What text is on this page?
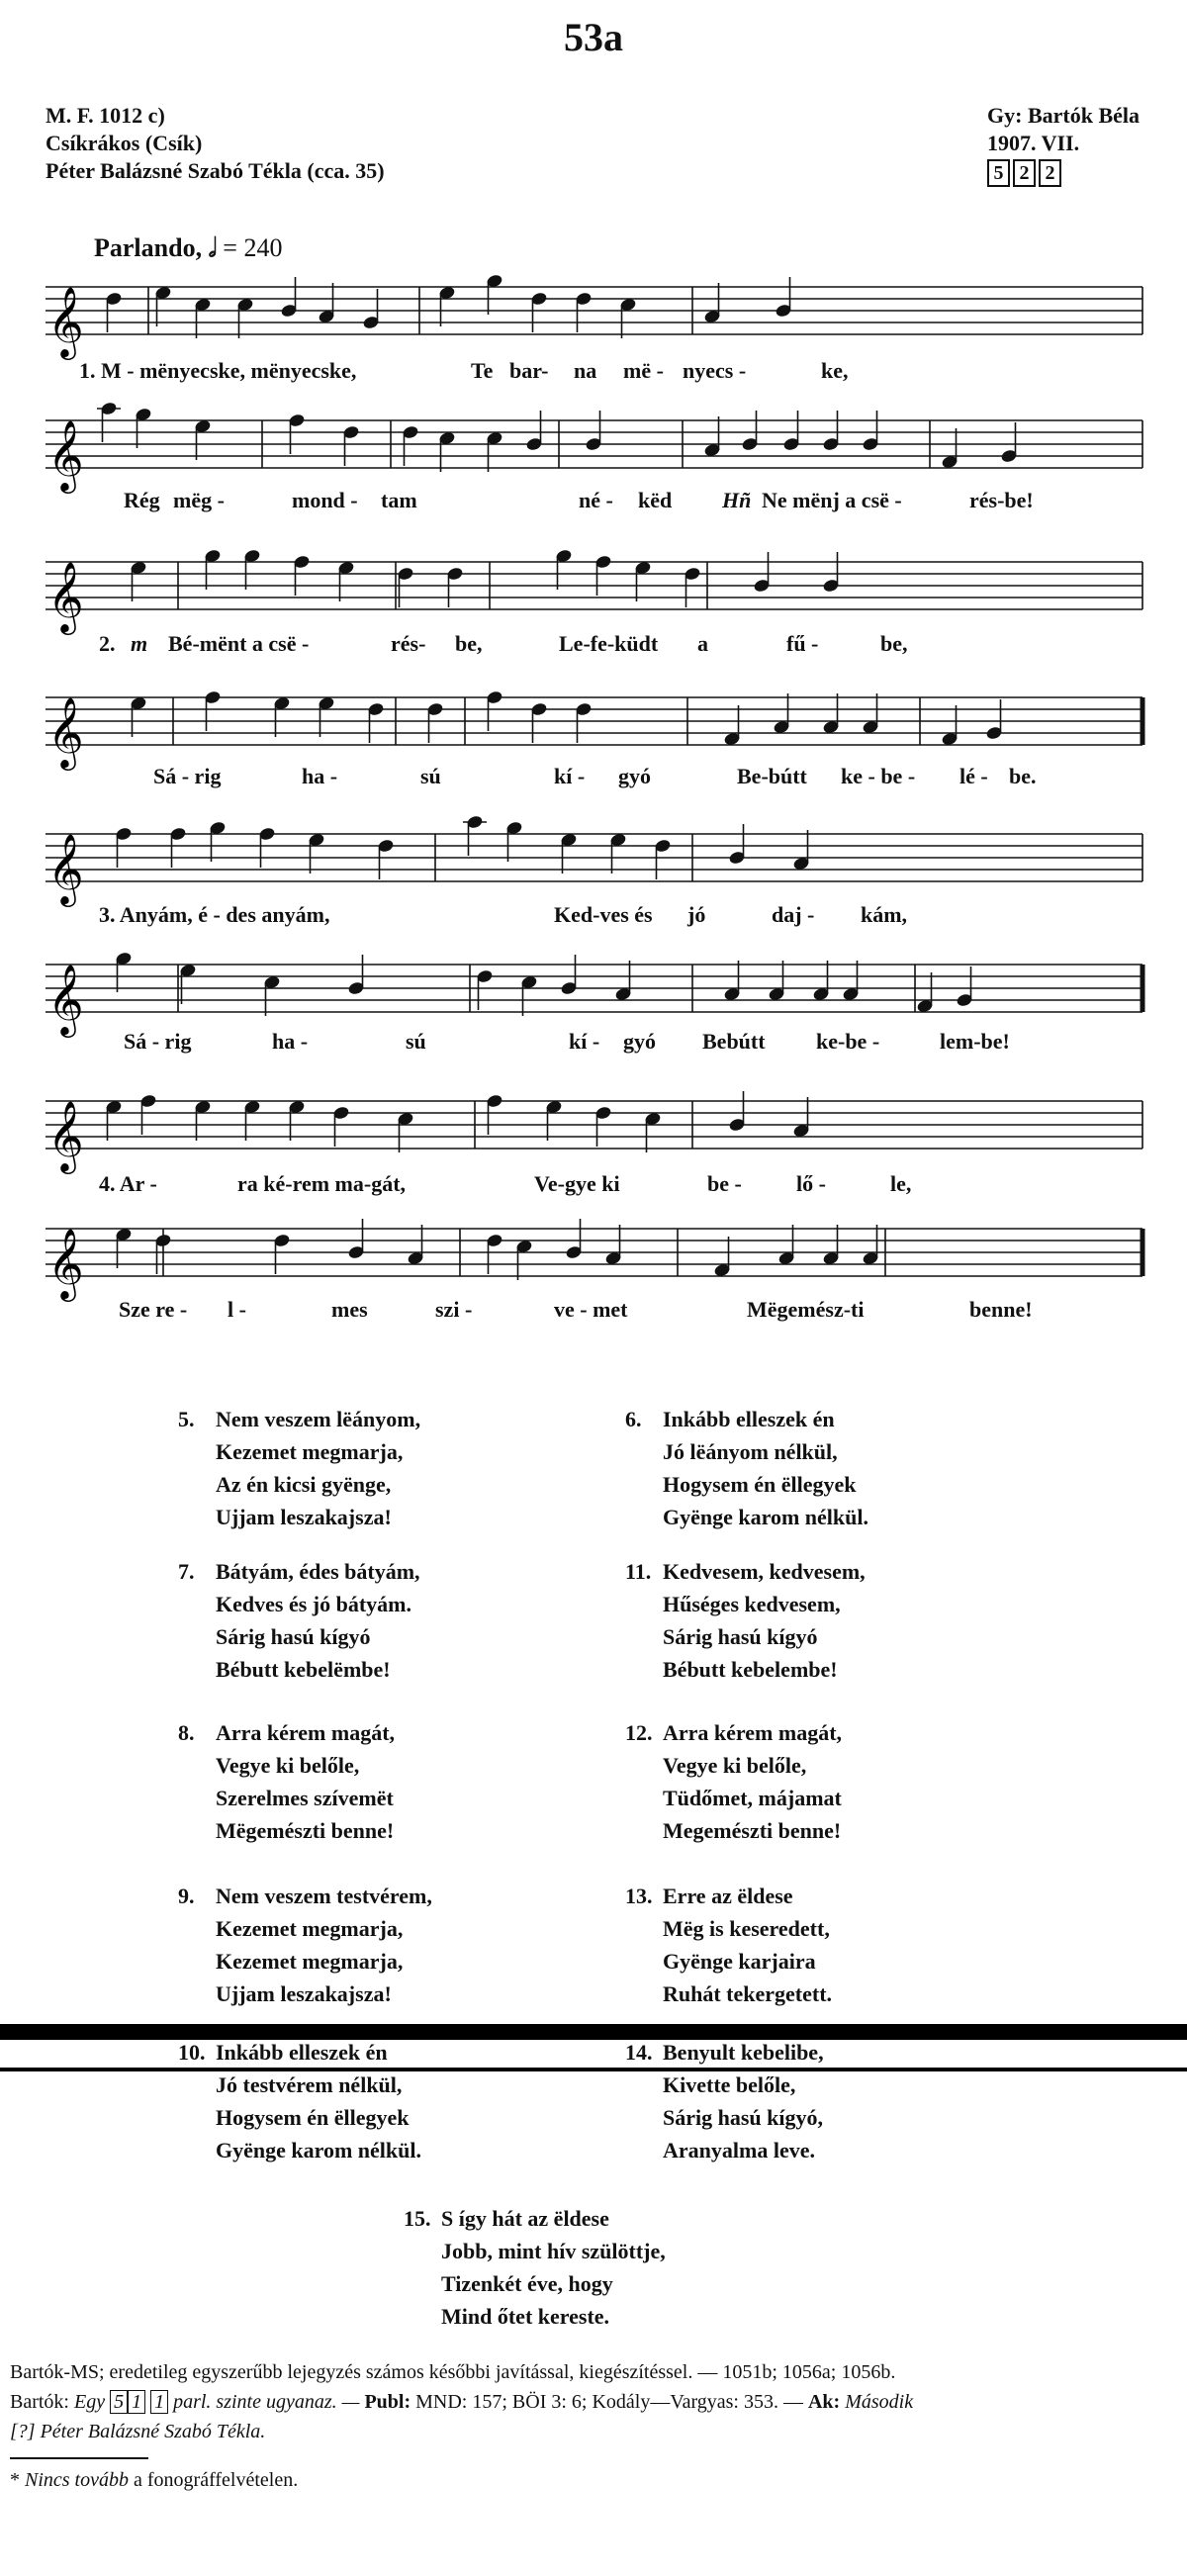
53a
M. F. 1012 c)
Csíkrákos (Csík)
Péter Balázsné Szabó Tékla (cca. 35)
Gy: Bartók Béla
1907. VII.
5 2 2
Parlando, 𝅗𝅥 = 240
𝄞
𝄞
𝄞
𝄞
𝄞
𝄞
𝄞
𝄞
1. M - mënyecske, mënyecske,	Te bar- na më - nyecs -	ke,
Rég mëg -	mond - tam	né - këd Hñ Ne mënj a csë -	rés-be!
2. m Bé-mënt a csë -	rés- be,	Le-fe-küdt a	fű -	be,
Sá - rig	ha -	sú	kí - gyó	Be-bútt ke - be - lé - be.
3. Anyám, é - des anyám,	Ked-ves és jó	daj - kám,
Sá - rig	ha -	sú	kí - gyó Bebútt ke-be -	lem-be!
4. Ar -	ra ké-rem ma-gát,	Ve-gye ki	be -	lő -	le,
Sze re - l -	mes	szi -	ve - met	Mëgemész-ti	benne!
5. Nem veszem lëányom,
Kezemet megmarja,
Az én kicsi gyënge,
Ujjam leszakajsza!
7. Bátyám, édes bátyám,
Kedves és jó bátyám.
Sárig hasú kígyó
Bébutt kebelëmbe!
8. Arra kérem magát,
Vegye ki belőle,
Szerelmes szívemët
Mëgemészti benne!
9. Nem veszem testvérem,
Kezemet megmarja,
Kezemet megmarja,
Ujjam leszakajsza!
10. Inkább elleszek én
Jó testvérem nélkül,
Hogysem én ëllegyek
Gyënge karom nélkül.
6. Inkább elleszek én
Jó lëányom nélkül,
Hogysem én ëllegyek
Gyënge karom nélkül.
11. Kedvesem, kedvesem,
Hűséges kedvesem,
Sárig hasú kígyó
Bébutt kebelembe!
12. Arra kérem magát,
Vegye ki belőle,
Tüdőmet, májamat
Megemészti benne!
13. Erre az ëldese
Mëg is keseredett,
Gyënge karjaira
Ruhát tekergetett.
14. Benyult kebelibe,
Kivette belőle,
Sárig hasú kígyó,
Aranyalma leve.
15. S így hát az ëldese
Jobb, mint hív szülöttje,
Tizenkét éve, hogy
Mind őtet kereste.
Bartók-MS; eredetileg egyszerűbb lejegyzés számos későbbi javítással, kiegészítéssel. — 1051b; 1056a; 1056b.
Bartók: Egy 5 1 1 parl. szinte ugyanaz. — Publ: MND: 157; BÖI 3: 6; Kodály—Vargyas: 353. — Ak: Második
[?] Péter Balázsné Szabó Tékla.
* Nincs tovább a fonográffelvételen.
